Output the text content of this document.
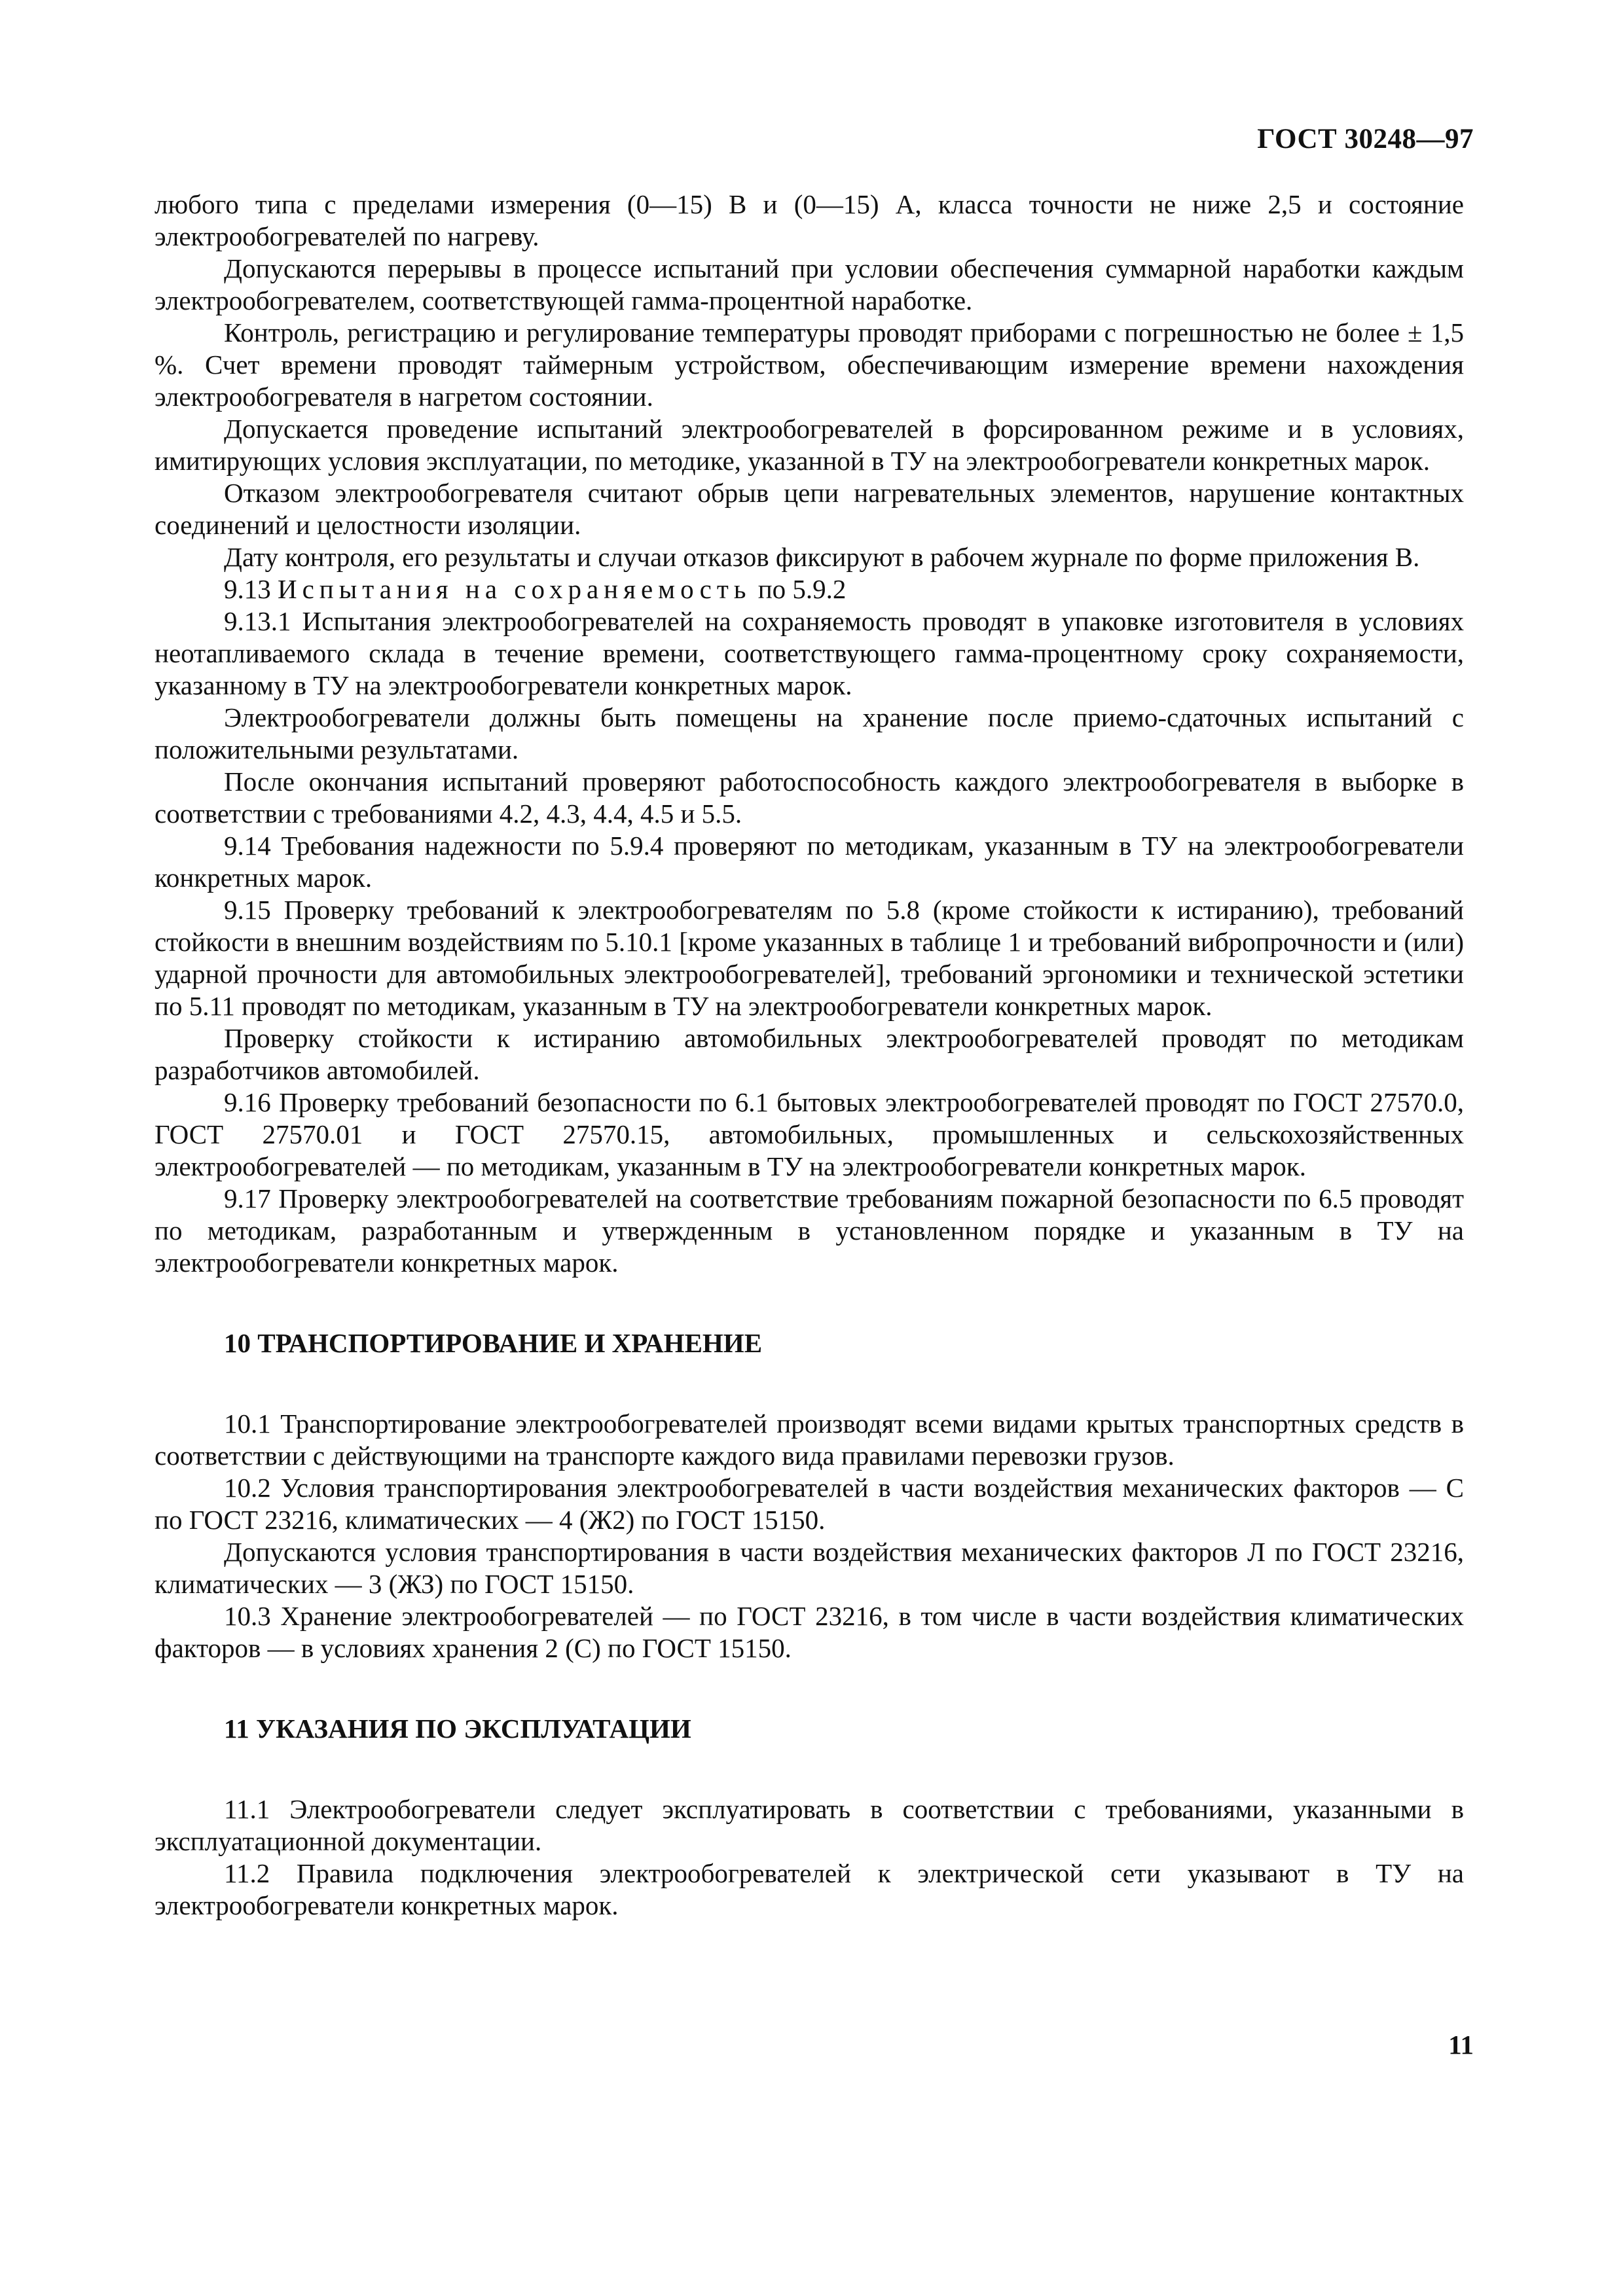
ГОСТ 30248—97

любого типа с пределами измерения (0—15) В и (0—15) А, класса точности не ниже 2,5 и состояние электрообогревателей по нагреву.

Допускаются перерывы в процессе испытаний при условии обеспечения суммарной наработки каждым электрообогревателем, соответствующей гамма-процентной наработке.

Контроль, регистрацию и регулирование температуры проводят приборами с погрешностью не более ± 1,5 %. Счет времени проводят таймерным устройством, обеспечивающим измерение времени нахождения электрообогревателя в нагретом состоянии.

Допускается проведение испытаний электрообогревателей в форсированном режиме и в условиях, имитирующих условия эксплуатации, по методике, указанной в ТУ на электрообогреватели конкретных марок.

Отказом электрообогревателя считают обрыв цепи нагревательных элементов, нарушение контактных соединений и целостности изоляции.

Дату контроля, его результаты и случаи отказов фиксируют в рабочем журнале по форме приложения В.

9.13 Испытания на сохраняемость по 5.9.2

9.13.1 Испытания электрообогревателей на сохраняемость проводят в упаковке изготовителя в условиях неотапливаемого склада в течение времени, соответствующего гамма-процентному сроку сохраняемости, указанному в ТУ на электрообогреватели конкретных марок.

Электрообогреватели должны быть помещены на хранение после приемо-сдаточных испытаний с положительными результатами.

После окончания испытаний проверяют работоспособность каждого электрообогревателя в выборке в соответствии с требованиями 4.2, 4.3, 4.4, 4.5 и 5.5.

9.14 Требования надежности по 5.9.4 проверяют по методикам, указанным в ТУ на электрообогреватели конкретных марок.

9.15 Проверку требований к электрообогревателям по 5.8 (кроме стойкости к истиранию), требований стойкости в внешним воздействиям по 5.10.1 [кроме указанных в таблице 1 и требований вибропрочности и (или) ударной прочности для автомобильных электрообогревателей], требований эргономики и технической эстетики по 5.11 проводят по методикам, указанным в ТУ на электрообогреватели конкретных марок.

Проверку стойкости к истиранию автомобильных электрообогревателей проводят по методикам разработчиков автомобилей.

9.16 Проверку требований безопасности по 6.1 бытовых электрообогревателей проводят по ГОСТ 27570.0, ГОСТ 27570.01 и ГОСТ 27570.15, автомобильных, промышленных и сельскохозяйственных электрообогревателей — по методикам, указанным в ТУ на электрообогреватели конкретных марок.

9.17 Проверку электрообогревателей на соответствие требованиям пожарной безопасности по 6.5 проводят по методикам, разработанным и утвержденным в установленном порядке и указанным в ТУ на электрообогреватели конкретных марок.

10 ТРАНСПОРТИРОВАНИЕ И ХРАНЕНИЕ

10.1 Транспортирование электрообогревателей производят всеми видами крытых транспортных средств в соответствии с действующими на транспорте каждого вида правилами перевозки грузов.

10.2 Условия транспортирования электрообогревателей в части воздействия механических факторов — С по ГОСТ 23216, климатических — 4 (Ж2) по ГОСТ 15150.

Допускаются условия транспортирования в части воздействия механических факторов Л по ГОСТ 23216, климатических — 3 (ЖЗ) по ГОСТ 15150.

10.3 Хранение электрообогревателей — по ГОСТ 23216, в том числе в части воздействия климатических факторов — в условиях хранения 2 (С) по ГОСТ 15150.

11 УКАЗАНИЯ ПО ЭКСПЛУАТАЦИИ

11.1 Электрообогреватели следует эксплуатировать в соответствии с требованиями, указанными в эксплуатационной документации.

11.2 Правила подключения электрообогревателей к электрической сети указывают в ТУ на электрообогреватели конкретных марок.

11
